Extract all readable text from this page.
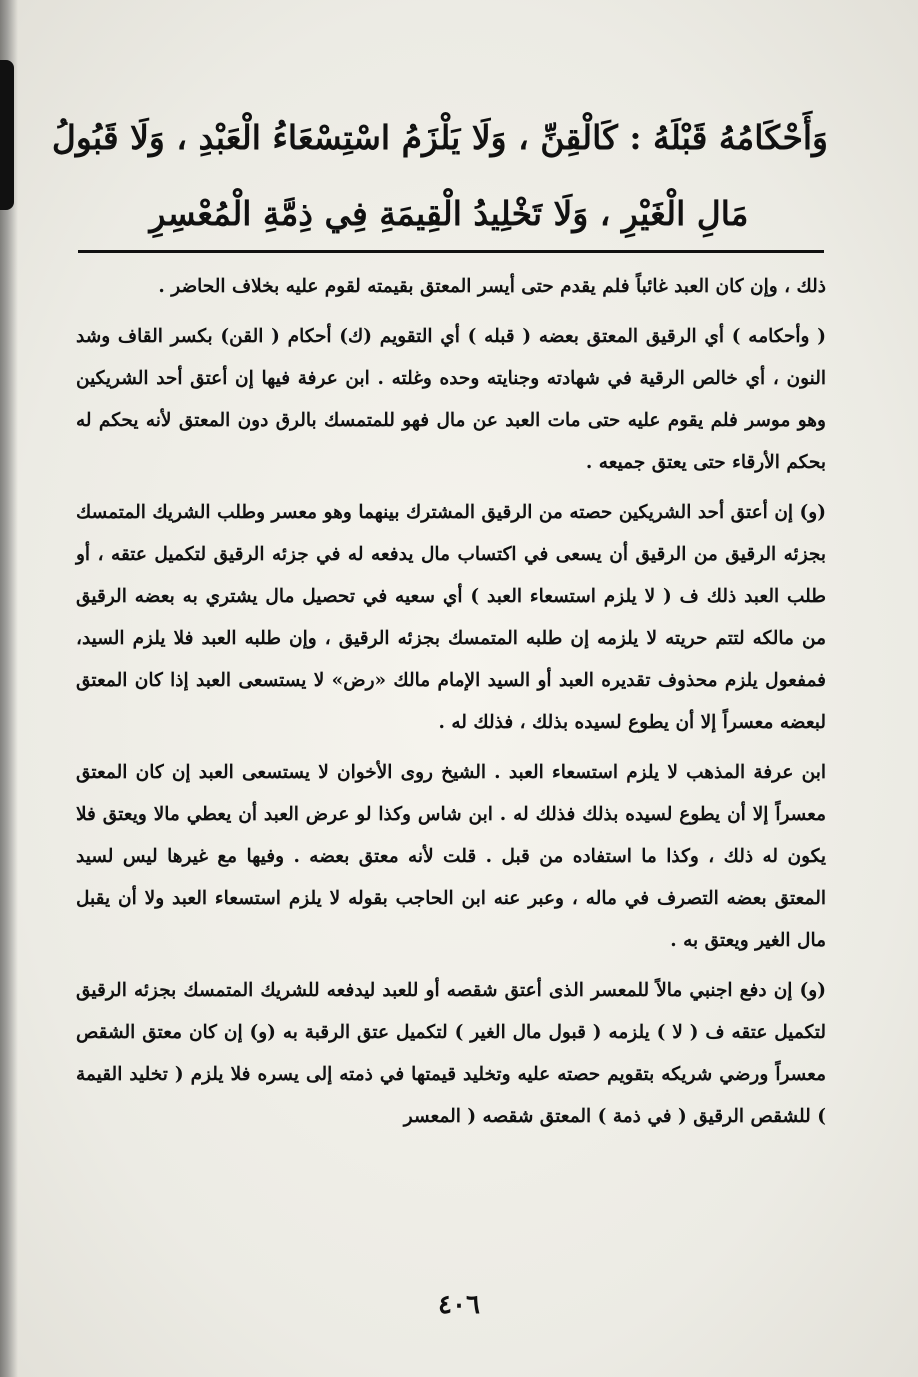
وَأَحْكَامُهُ قَبْلَهُ : كَالْقِنِّ ، وَلَا يَلْزَمُ اسْتِسْعَاءُ الْعَبْدِ ، وَلَا قَبُولُ
مَالِ الْغَيْرِ ، وَلَا تَخْلِيدُ الْقِيمَةِ فِي ذِمَّةِ الْمُعْسِرِ

ذلك ، وإن كان العبد غائباً فلم يقدم حتى أيسر المعتق بقيمته لقوم عليه بخلاف الحاضر .

( وأحكامه ) أي الرقيق المعتق بعضه ( قبله ) أي التقويم (ك) أحكام ( القن) بكسر القاف وشد النون ، أي خالص الرقية في شهادته وجنايته وحده وغلته . ابن عرفة فيها إن أعتق أحد الشريكين وهو موسر فلم يقوم عليه حتى مات العبد عن مال فهو للمتمسك بالرق دون المعتق لأنه يحكم له بحكم الأرقاء حتى يعتق جميعه .

(و) إن أعتق أحد الشريكين حصته من الرقيق المشترك بينهما وهو معسر وطلب الشريك المتمسك بجزئه الرقيق من الرقيق أن يسعى في اكتساب مال يدفعه له في جزئه الرقيق لتكميل عتقه ، أو طلب العبد ذلك ف ( لا يلزم استسعاء العبد ) أي سعيه في تحصيل مال يشتري به بعضه الرقيق من مالكه لتتم حريته لا يلزمه إن طلبه المتمسك بجزئه الرقيق ، وإن طلبه العبد فلا يلزم السيد، فمفعول يلزم محذوف تقديره العبد أو السيد الإمام مالك «رض» لا يستسعى العبد إذا كان المعتق لبعضه معسراً إلا أن يطوع لسيده بذلك ، فذلك له .

ابن عرفة المذهب لا يلزم استسعاء العبد . الشيخ روى الأخوان لا يستسعى العبد إن كان المعتق معسراً إلا أن يطوع لسيده بذلك فذلك له . ابن شاس وكذا لو عرض العبد أن يعطي مالا ويعتق فلا يكون له ذلك ، وكذا ما استفاده من قبل . قلت لأنه معتق بعضه . وفيها مع غيرها ليس لسيد المعتق بعضه التصرف في ماله ، وعبر عنه ابن الحاجب بقوله لا يلزم استسعاء العبد ولا أن يقبل مال الغير ويعتق به .

(و) إن دفع اجنبي مالاً للمعسر الذى أعتق شقصه أو للعبد ليدفعه للشريك المتمسك بجزئه الرقيق لتكميل عتقه ف ( لا ) يلزمه ( قبول مال الغير ) لتكميل عتق الرقبة به (و) إن كان معتق الشقص معسراً ورضي شريكه بتقويم حصته عليه وتخليد قيمتها في ذمته إلى يسره فلا يلزم ( تخليد القيمة ) للشقص الرقيق ( في ذمة ) المعتق شقصه ( المعسر

٤٠٦
